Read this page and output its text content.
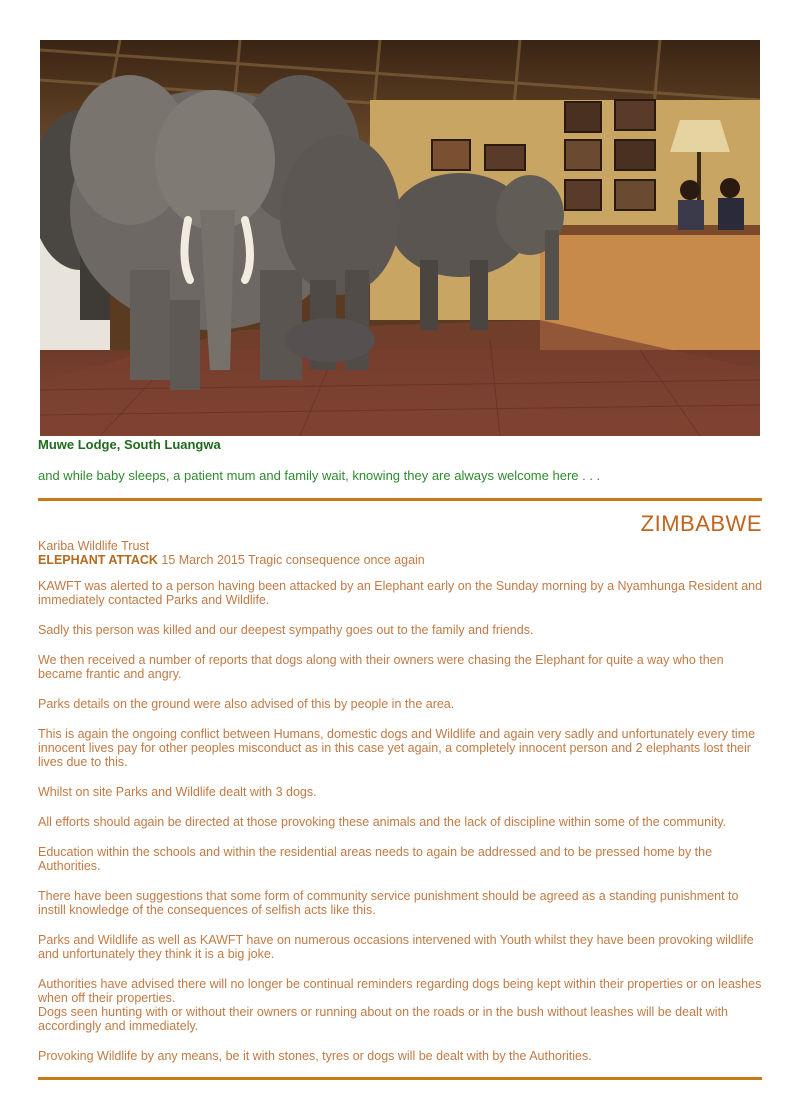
Muwe Lodge, South Luangwa
and while baby sleeps, a patient mum and family wait, knowing they are always welcome here . . .
ZIMBABWE

Kariba Wildlife Trust

ELEPHANT ATTACK 15 March 2015 Tragic consequence once again

KAWFT was alerted to a person having been attacked by an Elephant early on the Sunday morning by a Nyamhunga Resident and immediately contacted Parks and Wildlife.

Sadly this person was killed and our deepest sympathy goes out to the family and friends.

We then received a number of reports that dogs along with their owners were chasing the Elephant for quite a way who then became frantic and angry.

Parks details on the ground were also advised of this by people in the area.

This is again the ongoing conflict between Humans, domestic dogs and Wildlife and again very sadly and unfortunately every time innocent lives pay for other peoples misconduct as in this case yet again, a completely innocent person and 2 elephants lost their lives due to this.

Whilst on site Parks and Wildlife dealt with 3 dogs.

All efforts should again be directed at those provoking these animals and the lack of discipline within some of the community.

Education within the schools and within the residential areas needs to again be addressed and to be pressed home by the Authorities.

There have been suggestions that some form of community service punishment should be agreed as a standing punishment to instill knowledge of the consequences of selfish acts like this.

Parks and Wildlife as well as KAWFT have on numerous occasions intervened with Youth whilst they have been provoking wildlife and unfortunately they think it is a big joke.

Authorities have advised there will no longer be continual reminders regarding dogs being kept within their properties or on leashes when off their properties.

Dogs seen hunting with or without their owners or running about on the roads or in the bush without leashes will be dealt with accordingly and immediately.

Provoking Wildlife by any means, be it with stones, tyres or dogs will be dealt with by the Authorities.
